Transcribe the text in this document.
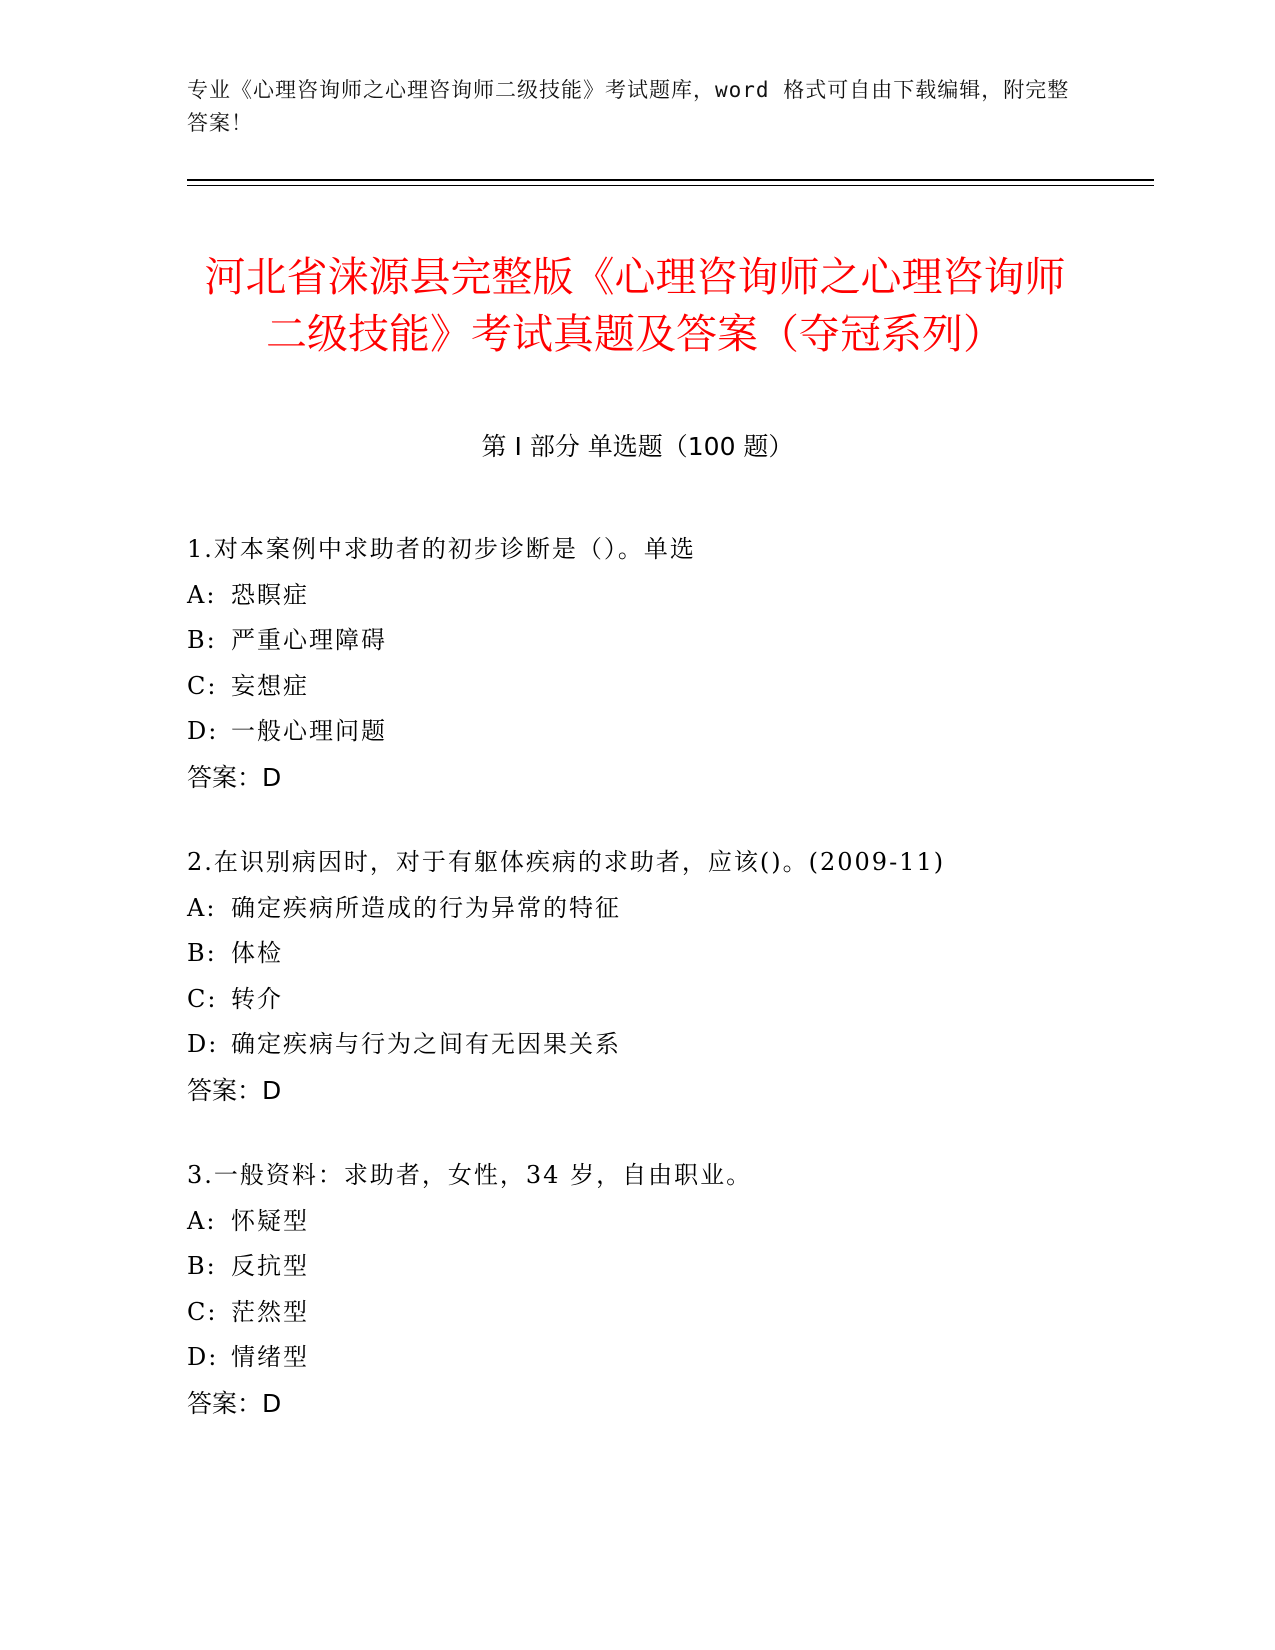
专业《心理咨询师之心理咨询师二级技能》考试题库，word 格式可自由下载编辑，附完整答案！
河北省涞源县完整版《心理咨询师之心理咨询师二级技能》考试真题及答案（夺冠系列）
第 I 部分 单选题（100 题）
1.对本案例中求助者的初步诊断是（）。单选
A: 恐瞑症
B: 严重心理障碍
C: 妄想症
D: 一般心理问题
答案：D
2.在识别病因时，对于有躯体疾病的求助者，应该()。(2009-11)
A: 确定疾病所造成的行为异常的特征
B: 体检
C: 转介
D: 确定疾病与行为之间有无因果关系
答案：D
3.一般资料：求助者，女性，34 岁，自由职业。
A: 怀疑型
B: 反抗型
C: 茫然型
D: 情绪型
答案：D
